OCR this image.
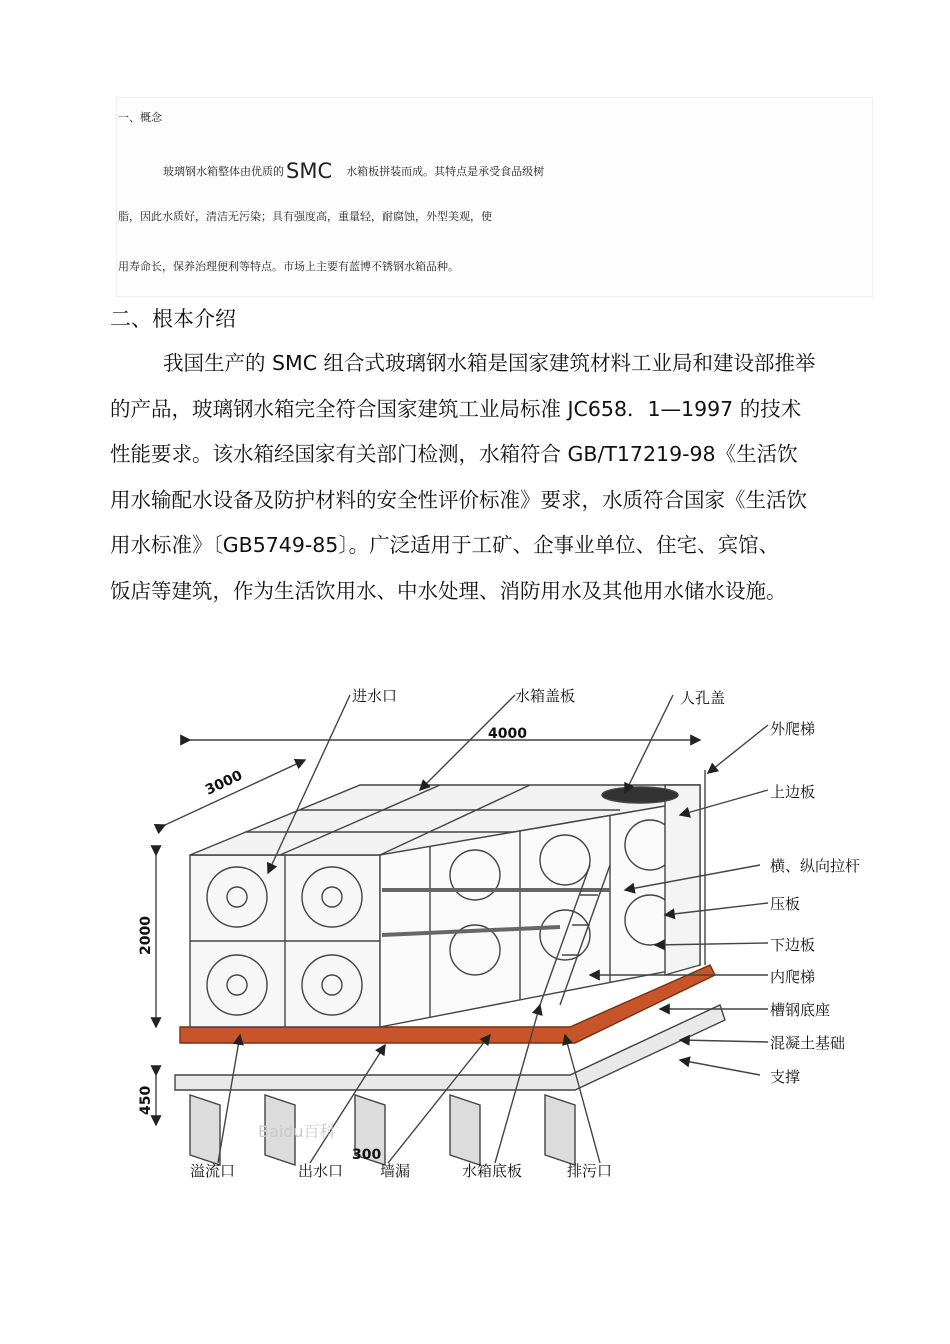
一、概念
玻璃钢水箱整体由优质的SMC 水箱板拼装而成。其特点是承受食品级树
脂，因此水质好，清洁无污染；具有强度高，重量轻，耐腐蚀，外型美观，使
用寿命长，保养治理便利等特点。市场上主要有蓝博不锈钢水箱品种。
二、根本介绍
我国生产的 SMC 组合式玻璃钢水箱是国家建筑材料工业局和建设部推举
的产品，玻璃钢水箱完全符合国家建筑工业局标准 JC658．1—1997 的技术
性能要求。该水箱经国家有关部门检测，水箱符合 GB/T17219-98《生活饮
用水输配水设备及防护材料的安全性评价标准》要求，水质符合国家《生活饮
用水标准》〔GB5749-85〕。广泛适用于工矿、企事业单位、住宅、宾馆、
饭店等建筑，作为生活饮用水、中水处理、消防用水及其他用水储水设施。
进水口	水箱盖板	人孔盖
外爬梯
上边板
横、纵向拉杆
压板
下边板
内爬梯
槽钢底座
混凝土基础
支撑
溢流口	出水口 墙漏	水箱底板	排污口
4000
3000
2000
450
300
Baidu百科
